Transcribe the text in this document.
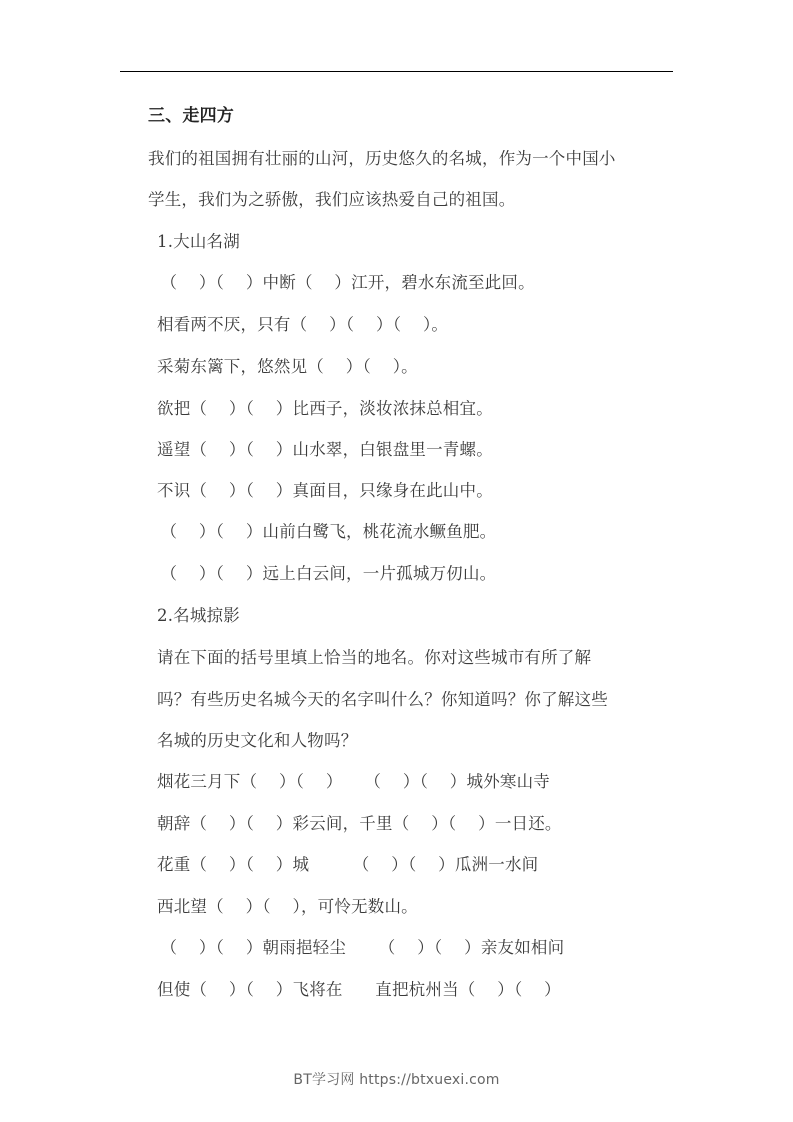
三、走四方
我们的祖国拥有壮丽的山河，历史悠久的名城，作为一个中国小
学生，我们为之骄傲，我们应该热爱自己的祖国。
1.大山名湖
（    ）（    ）中断（    ）江开，碧水东流至此回。
相看两不厌，只有（    ）（    ）（    ）。
采菊东篱下，悠然见（    ）（    ）。
欲把（    ）（    ）比西子，淡妆浓抹总相宜。
遥望（    ）（    ）山水翠，白银盘里一青螺。
不识（    ）（    ）真面目，只缘身在此山中。
（    ）（    ）山前白鹭飞，桃花流水鳜鱼肥。
（    ）（    ）远上白云间，一片孤城万仞山。
2.名城掠影
请在下面的括号里填上恰当的地名。你对这些城市有所了解
吗？有些历史名城今天的名字叫什么？你知道吗？你了解这些
名城的历史文化和人物吗？
烟花三月下（    ）（    ）    （    ）（    ）城外寒山寺
朝辞（    ）（    ）彩云间，千里（    ）（    ）一日还。
花重（    ）（    ）城        （    ）（    ）瓜洲一水间
西北望（    ）（    ），可怜无数山。
（    ）（    ）朝雨挹轻尘      （    ）（    ）亲友如相问
但使（    ）（    ）飞将在      直把杭州当（    ）（    ）
BT学习网 https://btxuexi.com
